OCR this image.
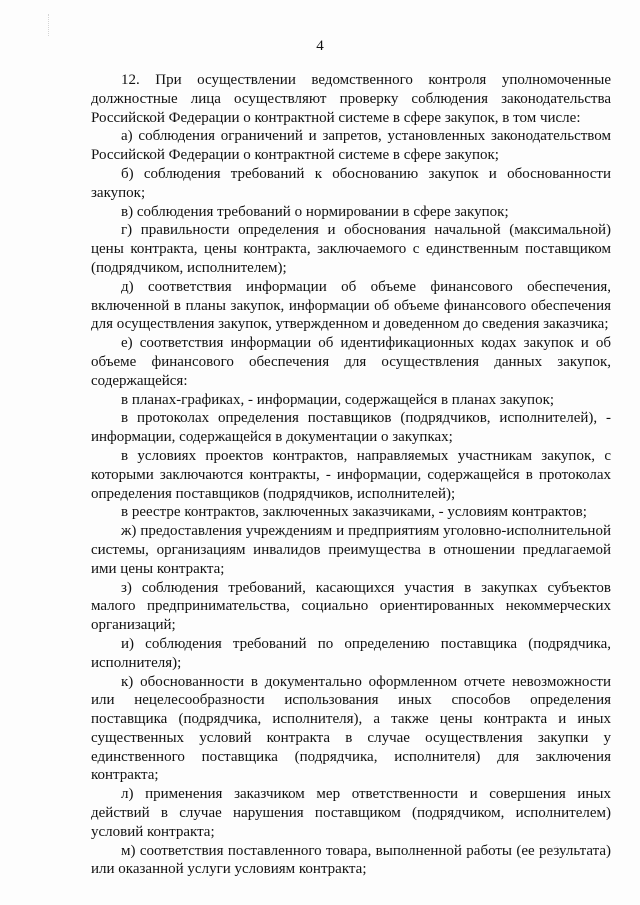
4

12. При осуществлении ведомственного контроля уполномоченные должностные лица осуществляют проверку соблюдения законодательства Российской Федерации о контрактной системе в сфере закупок, в том числе:

а) соблюдения ограничений и запретов, установленных законодательством Российской Федерации о контрактной системе в сфере закупок;

б) соблюдения требований к обоснованию закупок и обоснованности закупок;

в) соблюдения требований о нормировании в сфере закупок;

г) правильности определения и обоснования начальной (максимальной) цены контракта, цены контракта, заключаемого с единственным поставщиком (подрядчиком, исполнителем);

д) соответствия информации об объеме финансового обеспечения, включенной в планы закупок, информации об объеме финансового обеспечения для осуществления закупок, утвержденном и доведенном до сведения заказчика;

е) соответствия информации об идентификационных кодах закупок и об объеме финансового обеспечения для осуществления данных закупок, содержащейся:

в планах-графиках, - информации, содержащейся в планах закупок;

в протоколах определения поставщиков (подрядчиков, исполнителей), - информации, содержащейся в документации о закупках;

в условиях проектов контрактов, направляемых участникам закупок, с которыми заключаются контракты, - информации, содержащейся в протоколах определения поставщиков (подрядчиков, исполнителей);

в реестре контрактов, заключенных заказчиками, - условиям контрактов;

ж) предоставления учреждениям и предприятиям уголовно-исполнительной системы, организациям инвалидов преимущества в отношении предлагаемой ими цены контракта;

з) соблюдения требований, касающихся участия в закупках субъектов малого предпринимательства, социально ориентированных некоммерческих организаций;

и) соблюдения требований по определению поставщика (подрядчика, исполнителя);

к) обоснованности в документально оформленном отчете невозможности или нецелесообразности использования иных способов определения поставщика (подрядчика, исполнителя), а также цены контракта и иных существенных условий контракта в случае осуществления закупки у единственного поставщика (подрядчика, исполнителя) для заключения контракта;

л) применения заказчиком мер ответственности и совершения иных действий в случае нарушения поставщиком (подрядчиком, исполнителем) условий контракта;

м) соответствия поставленного товара, выполненной работы (ее результата) или оказанной услуги условиям контракта;
